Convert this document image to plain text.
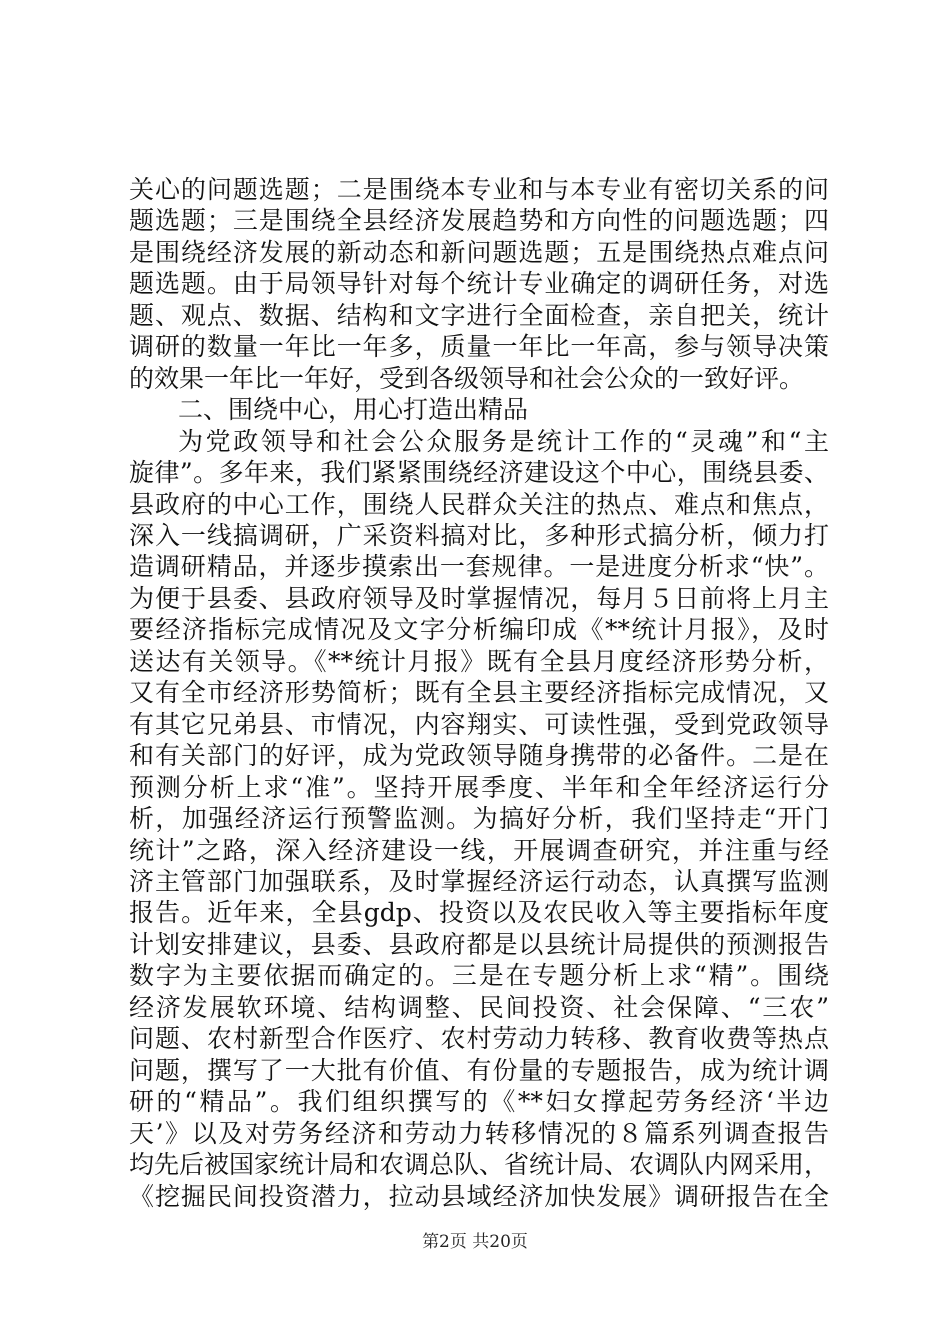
关心的问题选题；二是围绕本专业和与本专业有密切关系的问
题选题；三是围绕全县经济发展趋势和方向性的问题选题；四
是围绕经济发展的新动态和新问题选题；五是围绕热点难点问
题选题。由于局领导针对每个统计专业确定的调研任务，对选
题、观点、数据、结构和文字进行全面检查，亲自把关，统计
调研的数量一年比一年多，质量一年比一年高，参与领导决策
的效果一年比一年好，受到各级领导和社会公众的一致好评。
二、围绕中心，用心打造出精品
为党政领导和社会公众服务是统计工作的“灵魂”和“主
旋律”。多年来，我们紧紧围绕经济建设这个中心，围绕县委、
县政府的中心工作，围绕人民群众关注的热点、难点和焦点，
深入一线搞调研，广采资料搞对比，多种形式搞分析，倾力打
造调研精品，并逐步摸索出一套规律。一是进度分析求“快”。
为便于县委、县政府领导及时掌握情况，每月５日前将上月主
要经济指标完成情况及文字分析编印成《**统计月报》，及时
送达有关领导。《**统计月报》既有全县月度经济形势分析，
又有全市经济形势简析；既有全县主要经济指标完成情况，又
有其它兄弟县、市情况，内容翔实、可读性强，受到党政领导
和有关部门的好评，成为党政领导随身携带的必备件。二是在
预测分析上求“准”。坚持开展季度、半年和全年经济运行分
析，加强经济运行预警监测。为搞好分析，我们坚持走“开门
统计”之路，深入经济建设一线，开展调查研究，并注重与经
济主管部门加强联系，及时掌握经济运行动态，认真撰写监测
报告。近年来，全县gdp、投资以及农民收入等主要指标年度
计划安排建议，县委、县政府都是以县统计局提供的预测报告
数字为主要依据而确定的。三是在专题分析上求“精”。围绕
经济发展软环境、结构调整、民间投资、社会保障、“三农”
问题、农村新型合作医疗、农村劳动力转移、教育收费等热点
问题，撰写了一大批有价值、有份量的专题报告，成为统计调
研的“精品”。我们组织撰写的《**妇女撑起劳务经济‘半边
天’》以及对劳务经济和劳动力转移情况的８篇系列调查报告
均先后被国家统计局和农调总队、省统计局、农调队内网采用，
《挖掘民间投资潜力，拉动县域经济加快发展》调研报告在全
第2页 共20页
